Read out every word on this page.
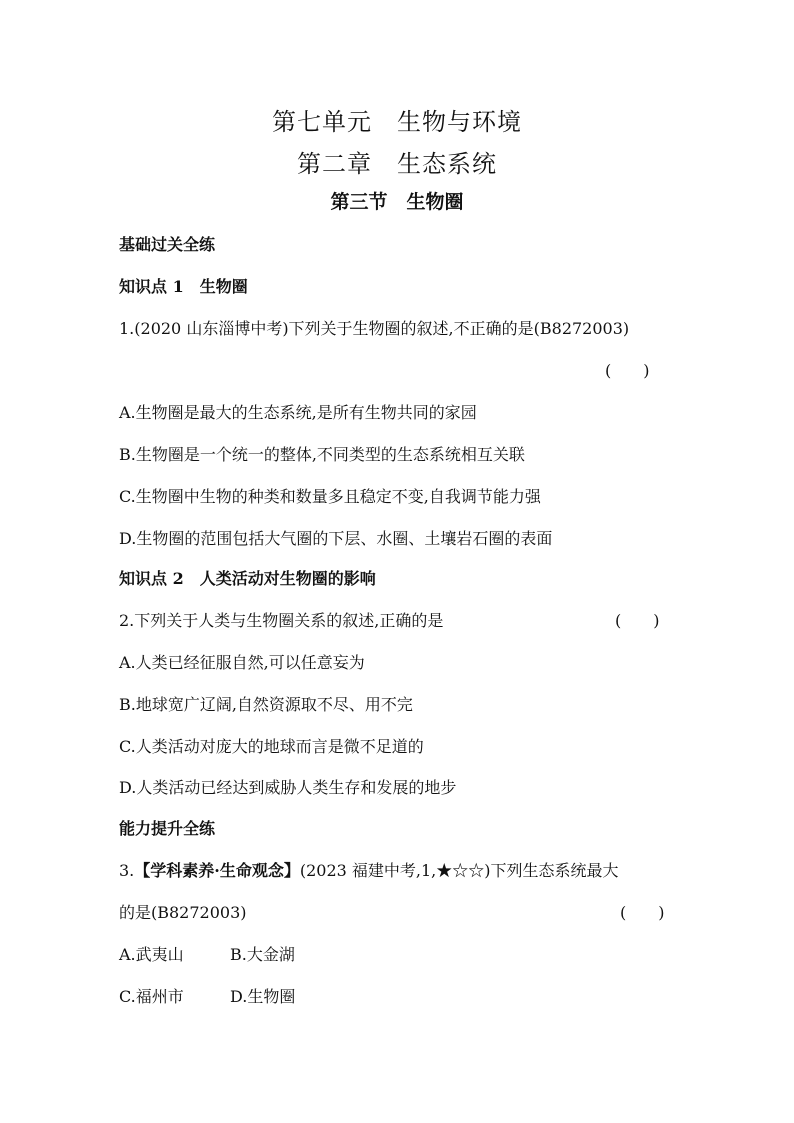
第七单元　生物与环境
第二章　生态系统
第三节　生物圈
基础过关全练
知识点 1　生物圈
1.(2020 山东淄博中考)下列关于生物圈的叙述,不正确的是(B8272003)
(　　)
A.生物圈是最大的生态系统,是所有生物共同的家园
B.生物圈是一个统一的整体,不同类型的生态系统相互关联
C.生物圈中生物的种类和数量多且稳定不变,自我调节能力强
D.生物圈的范围包括大气圈的下层、水圈、土壤岩石圈的表面
知识点 2　人类活动对生物圈的影响
2.下列关于人类与生物圈关系的叙述,正确的是	(　　)
A.人类已经征服自然,可以任意妄为
B.地球宽广辽阔,自然资源取不尽、用不完
C.人类活动对庞大的地球而言是微不足道的
D.人类活动已经达到威胁人类生存和发展的地步
能力提升全练
3.【学科素养·生命观念】(2023 福建中考,1,★☆☆)下列生态系统最大
的是(B8272003)	(　　)
A.武夷山	B.大金湖
C.福州市	D.生物圈
